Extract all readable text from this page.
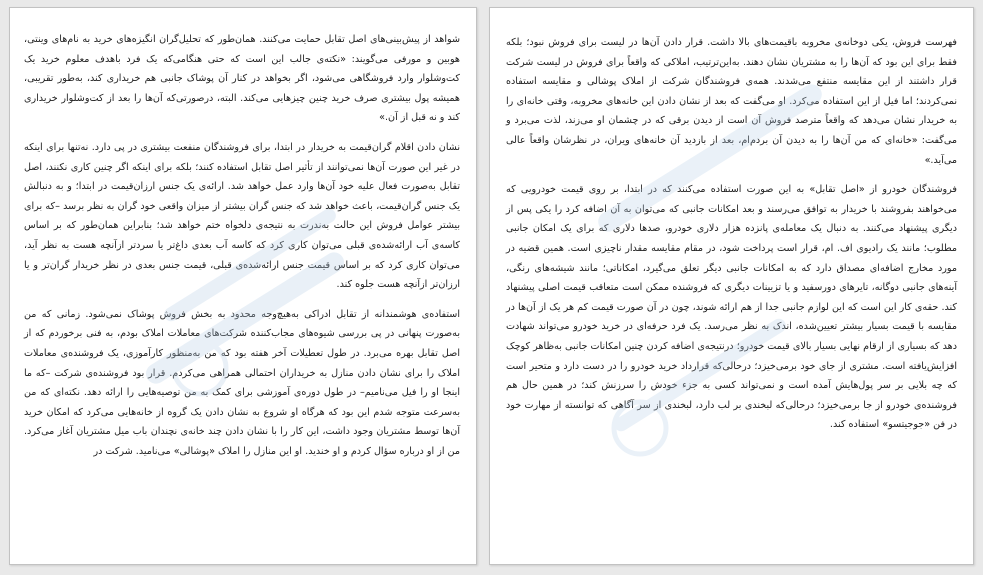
شواهد از پیش‌بینی‌های اصل تقابل حمایت می‌کنند. همان‌طور که تحلیل‌گران انگیزه‌های خرید به نام‌های وینتی، هوبین و مورفی می‌گویند: «نکته‌ی جالب این است که حتی هنگامی‌که یک فرد باهدف معلوم خرید یک کت‌وشلوار وارد فروشگاهی می‌شود، اگر بخواهد در کنار آن پوشاک جانبی هم خریداری کند، به‌طور تقریبی، همیشه پول بیشتری صرف خرید چنین چیزهایی می‌کند. البته، درصورتی‌که آن‌ها را بعد از کت‌وشلوار خریداری کند و نه قبل از آن.»

نشان دادن اقلام گران‌قیمت به خریدار در ابتدا، برای فروشندگان منفعت بیشتری در پی دارد. نه‌تنها برای اینکه در غیر این صورت آن‌ها نمی‌توانند از تأثیر اصل تقابل استفاده کنند؛ بلکه برای اینکه اگر چنین کاری نکنند، اصل تقابل به‌صورت فعال علیه خود آن‌ها وارد عمل خواهد شد. ارائه‌ی یک جنس ارزان‌قیمت در ابتدا؛ و به دنبالش یک جنس گران‌قیمت، باعث خواهد شد که جنس گران بیشتر از میزان واقعی خود گران به نظر برسد –که برای بیشتر عوامل فروش این حالت به‌ندرت به نتیجه‌ی دلخواه ختم خواهد شد؛ بنابراین همان‌طور که بر اساس کاسه‌ی آب ارائه‌شده‌ی قبلی می‌توان کاری کرد که کاسه آب بعدی داغ‌تر یا سردتر ازآنچه هست به نظر آید، می‌توان کاری کرد که بر اساس قیمت جنس ارائه‌شده‌ی قبلی، قیمت جنس بعدی در نظر خریدار گران‌تر و یا ارزان‌تر ازآنچه هست جلوه کند.

استفاده‌ی هوشمندانه از تقابل ادراکی به‌هیچ‌وجه محدود به بخش فروش پوشاک نمی‌شود. زمانی که من به‌صورت پنهانی در پی بررسی شیوه‌های مجاب‌کننده شرکت‌های معاملات املاک بودم، به فنی برخوردم که از اصل تقابل بهره می‌برد. در طول تعطیلات آخر هفته بود که من به‌منظور کارآموزی، یک فروشنده‌ی معاملات املاک را برای نشان دادن منازل به خریداران احتمالی همراهی می‌کردم. قرار بود فروشنده‌ی شرکت –که ما اینجا او را فیل می‌نامیم– در طول دوره‌ی آموزشی برای کمک به من توصیه‌هایی را ارائه دهد. نکته‌ای که من به‌سرعت متوجه شدم این بود که هرگاه او شروع به نشان دادن یک گروه از خانه‌هایی می‌کرد که امکان خرید آن‌ها توسط مشتریان وجود داشت، این کار را با نشان دادن چند خانه‌ی نچندان باب میل مشتریان آغاز می‌کرد. من از او درباره سؤال کردم و او خندید. او این منازل را املاک «پوشالی» می‌نامید. شرکت در

فهرست فروش، یکی دوخانه‌ی مخروبه با‌قیمت‌های بالا داشت. قرار دادن آن‌ها در لیست برای فروش نبود؛ بلکه فقط برای این بود که آن‌ها را به مشتریان نشان دهند. به‌این‌ترتیب، املاکی که واقعاً برای فروش در لیست شرکت قرار داشتند از این مقایسه منتفع می‌شدند. همه‌ی فروشندگان شرکت از املاک پوشالی و مقایسه استفاده نمی‌کردند؛ اما فیل از این استفاده می‌کرد. او می‌گفت که بعد از نشان دادن این خانه‌های مخروبه، وقتی خانه‌ای را به خریدار نشان می‌دهد که واقعاً مترصد فروش آن است از دیدن برقی که در چشمان او می‌زند، لذت می‌برد و می‌گفت: «خانه‌ای که من آن‌ها را به دیدن آن بردم‌ام، بعد از بازدید آن خانه‌های ویران، در نظرشان واقعاً عالی می‌آید.»

فروشندگان خودرو از «اصل تقابل» به این صورت استفاده می‌کنند که در ابتدا، بر روی قیمت خودرویی که می‌خواهند بفروشند با خریدار به توافق می‌رسند و بعد امکانات جانبی که می‌توان به آن اضافه کرد را یکی پس از دیگری پیشنهاد می‌کنند. به دنبال یک معامله‌ی پانزده هزار دلاری خودرو، صدها دلاری که برای یک امکان جانبی مطلوب؛ مانند یک رادیوی اف. ام، قرار است پرداخت شود، در مقام مقایسه مقدار ناچیزی است. همین قضیه در مورد مخارج اضافه‌ای مصداق دارد که به امکانات جانبی دیگر تعلق می‌گیرد، امکاناتی؛ مانند شیشه‌های رنگی، آینه‌های جانبی دوگانه، تایرهای دورسفید و یا تزیینات دیگری که فروشنده ممکن است متعاقب قیمت اصلی پیشنهاد کند. حقه‌ی کار این است که این لوازم جانبی جدا از هم ارائه شوند، چون در آن صورت قیمت کم هر یک از آن‌ها در مقایسه با قیمت بسیار بیشتر تعیین‌شده، اندک به نظر می‌رسد. یک فرد حرفه‌ای در خرید خودرو می‌تواند شهادت دهد که بسیاری از ارقام نهایی بسیار بالای قیمت خودرو؛ درنتیجه‌ی اضافه کردن چنین امکانات جانبی به‌ظاهر کوچک افزایش‌یافته است. مشتری از جای خود برمی‌خیزد؛ درحالی‌که قرارداد خرید خودرو را در دست دارد و متحیر است که چه بلایی بر سر پول‌هایش آمده است و نمی‌تواند کسی به جزء خودش را سرزنش کند؛ در همین حال هم فروشنده‌ی خودرو از جا برمی‌خیزد؛ درحالی‌که لبخندی بر لب دارد، لبخندی از سر آگاهی که توانسته از مهارت خود در فن «جوجیتسو» استفاده کند.
